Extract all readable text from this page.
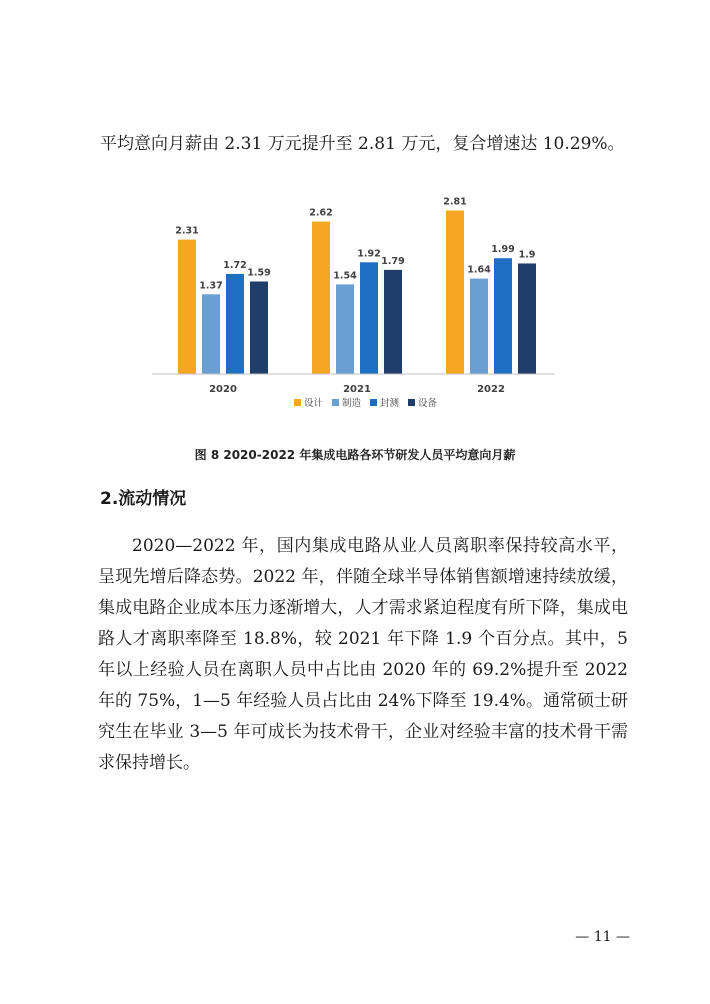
平均意向月薪由 2.31 万元提升至 2.81 万元，复合增速达 10.29%。
2.31
1.37
1.72
1.59
2020
2.62
1.54
1.92
1.79
2021
2.81
1.64
1.99 1.9
2022
设计 制造 封测 设备
图 8 2020-2022 年集成电路各环节研发人员平均意向月薪
2.流动情况
2020—2022 年，国内集成电路从业人员离职率保持较高水平，呈现先增后降态势。2022 年，伴随全球半导体销售额增速持续放缓，集成电路企业成本压力逐渐增大，人才需求紧迫程度有所下降，集成电路人才离职率降至 18.8%，较 2021 年下降 1.9 个百分点。其中，5 年以上经验人员在离职人员中占比由 2020 年的 69.2%提升至 2022 年的 75%，1—5 年经验人员占比由 24%下降至 19.4%。通常硕士研究生在毕业 3—5 年可成长为技术骨干，企业对经验丰富的技术骨干需求保持增长。
— 11 —
